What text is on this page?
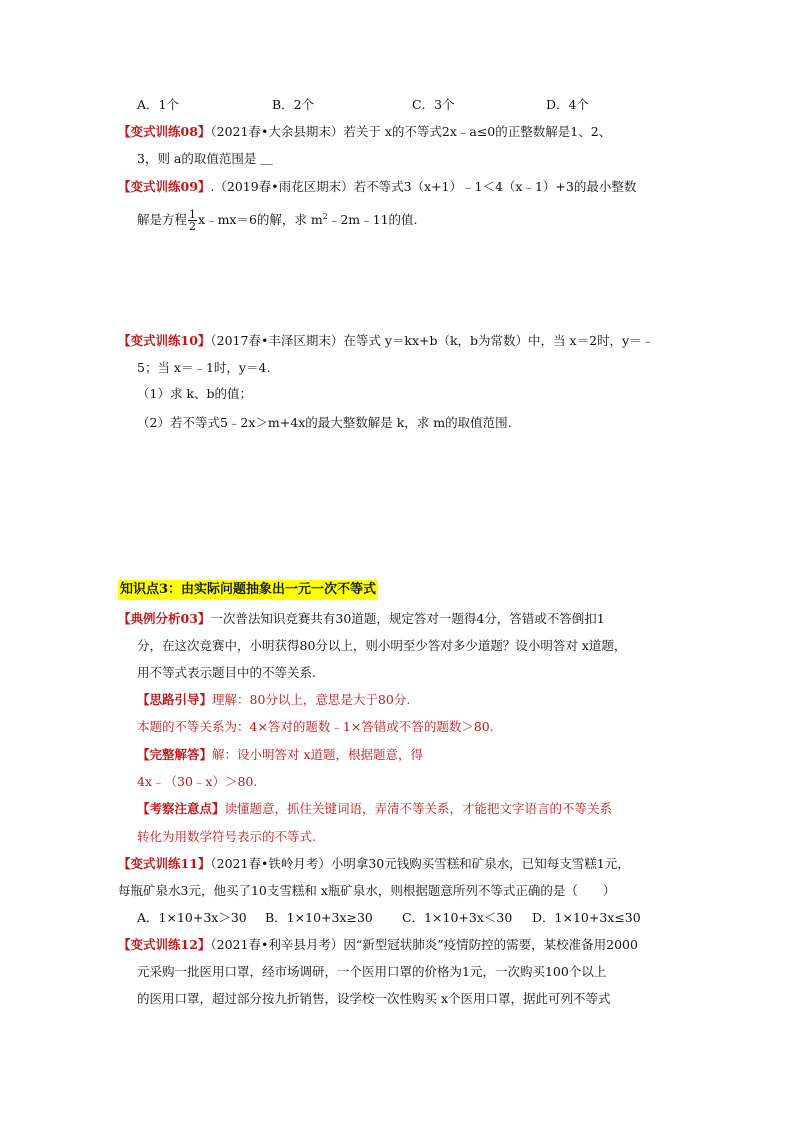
A．1个	B．2个	C．3个	D．4个
【变式训练08】（2021春•大余县期末）若关于 x的不等式2x﹣a≤0的正整数解是1、2、
3，则 a的取值范围是 ＿
【变式训练09】.（2019春•雨花区期末）若不等式3（x+1）﹣1＜4（x﹣1）+3的最小整数
解是方程 $\frac{1}{2}$ x﹣mx＝6的解，求 $m^2﹣2m﹣11$的值.
【变式训练10】（2017春•丰泽区期末）在等式 y＝kx+b（k，b为常数）中，当 x＝2时，y＝﹣
5；当 x＝﹣1时，y＝4.
（1）求 k、b的值；
（2）若不等式5﹣2x＞m+4x的最大整数解是 k，求 m的取值范围.
知识点3：由实际问题抽象出一元一次不等式
【典例分析03】一次普法知识竞赛共有30道题，规定答对一题得4分，答错或不答倒扣1
分，在这次竞赛中，小明获得80分以上，则小明至少答对多少道题？设小明答对 x道题，
用不等式表示题目中的不等关系.
【思路引导】理解：80分以上，意思是大于80分.
本题的不等关系为：4×答对的题数﹣1×答错或不答的题数＞80.
【完整解答】解：设小明答对 x道题，根据题意，得
4x﹣（30﹣x）＞80.
【考察注意点】读懂题意，抓住关键词语，弄清不等关系，才能把文字语言的不等关系
转化为用数学符号表示的不等式.
【变式训练11】（2021春•铁岭月考）小明拿30元钱购买雪糕和矿泉水，已知每支雪糕1元，
每瓶矿泉水3元，他买了10支雪糕和 x瓶矿泉水，则根据题意所列不等式正确的是（　　）
A．1×10+3x＞30 B．1×10+3x≥30 C．1×10+3x＜30 D．1×10+3x≤30
【变式训练12】（2021春•利辛县月考）因“新型冠状肺炎”疫情防控的需要，某校准备用2000
元采购一批医用口罩，经市场调研，一个医用口罩的价格为1元，一次购买100个以上
的医用口罩，超过部分按九折销售，设学校一次性购买 x个医用口罩，据此可列不等式
